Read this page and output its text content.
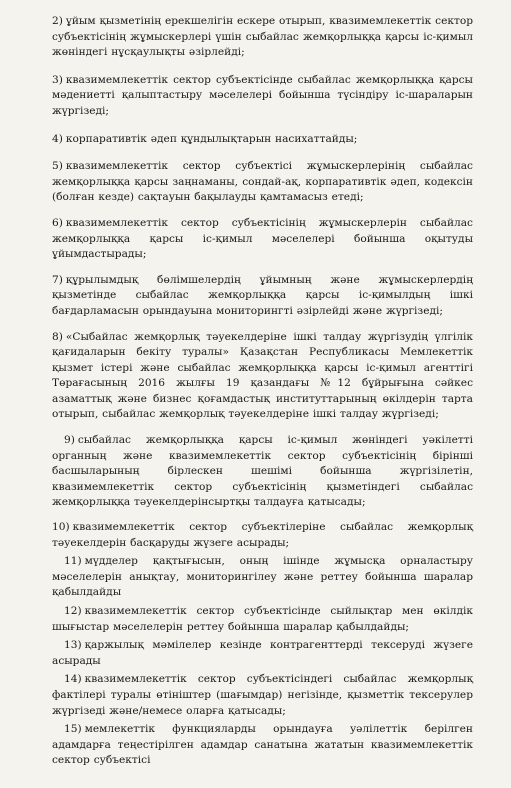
2) ұйым қызметінің ерекшелігін ескере отырып, квазимемлекеттік сектор субъектісінің жұмыскерлері үшін сыбайлас жемқорлыққа қарсы іс-қимыл жөніндегі нұсқаулықты әзірлейді;

3) квазимемлекеттік сектор субъектісінде сыбайлас жемқорлыққа қарсы мәдениетті қалыптастыру мәселелері бойынша түсіндіру іс-шараларын жүргізеді;

4) корпаративтік әдеп құндылықтарын насихаттайды;

5) квазимемлекеттік сектор субъектісі жұмыскерлерінің сыбайлас жемқорлыққа қарсы заңнаманы, сондай-ақ, корпаративтік әдеп, кодексін (болған кезде) сақтауын бақылауды қамтамасыз етеді;

6) квазимемлекеттік сектор субъектісінің жұмыскерлерін сыбайлас жемқорлыққа қарсы іс-қимыл мәселелері бойынша оқытуды ұйымдастырады;

7) құрылымдық бөлімшелердің ұйымның және жұмыскерлердің қызметінде сыбайлас жемқорлыққа қарсы іс-қимылдың ішкі бағдарламасын орындауына мониторингті әзірлейді және жүргізеді;

8) «Сыбайлас жемқорлық тәуекелдеріне ішкі талдау жүргізудің үлгілік қағидаларын бекіту туралы» Қазақстан Республикасы Мемлекеттік қызмет істері және сыбайлас жемқорлыққа қарсы іс-қимыл агенттігі Төрағасының 2016 жылғы 19 қазандағы №12 бұйрығына сәйкес азаматтық және бизнес қоғамдастық институттарының өкілдерін тарта отырып, сыбайлас жемқорлық тәуекелдеріне ішкі талдау жүргізеді;

9) сыбайлас жемқорлыққа қарсы іс-қимыл жөніндегі уәкілетті органның және квазимемлекеттік сектор субъектісінің бірінші басшыларының бірлескен шешімі бойынша жүргізілетін, квазимемлекеттік сектор субъектісінің қызметіндегі сыбайлас жемқорлыққа тәуекелдерінсыртқы талдауға қатысады;

10) квазимемлекеттік сектор субъектілеріне сыбайлас жемқорлық тәуекелдерін басқаруды жүзеге асырады;

11) мүдделер қақтығысын, оның ішінде жұмысқа орналастыру мәселелерін анықтау, мониторингілеу және реттеу бойынша шаралар қабылдайды

12) квазимемлекеттік сектор субъектісінде сыйлықтар мен өкілдік шығыстар мәселелерін реттеу бойынша шаралар қабылдайды;

13) қаржылық мәмілелер кезінде контрагенттерді тексеруді жүзеге асырады

14) квазимемлекеттік сектор субъектісіндегі сыбайлас жемқорлық фактілері туралы өтініштер (шағымдар) негізінде, қызметтік тексерулер жүргізеді және/немесе оларға қатысады;

15) мемлекеттік функцияларды орындауға уәлілеттік берілген адамдарға теңестірілген адамдар санатына жататын квазимемлекеттік сектор субъектісі
